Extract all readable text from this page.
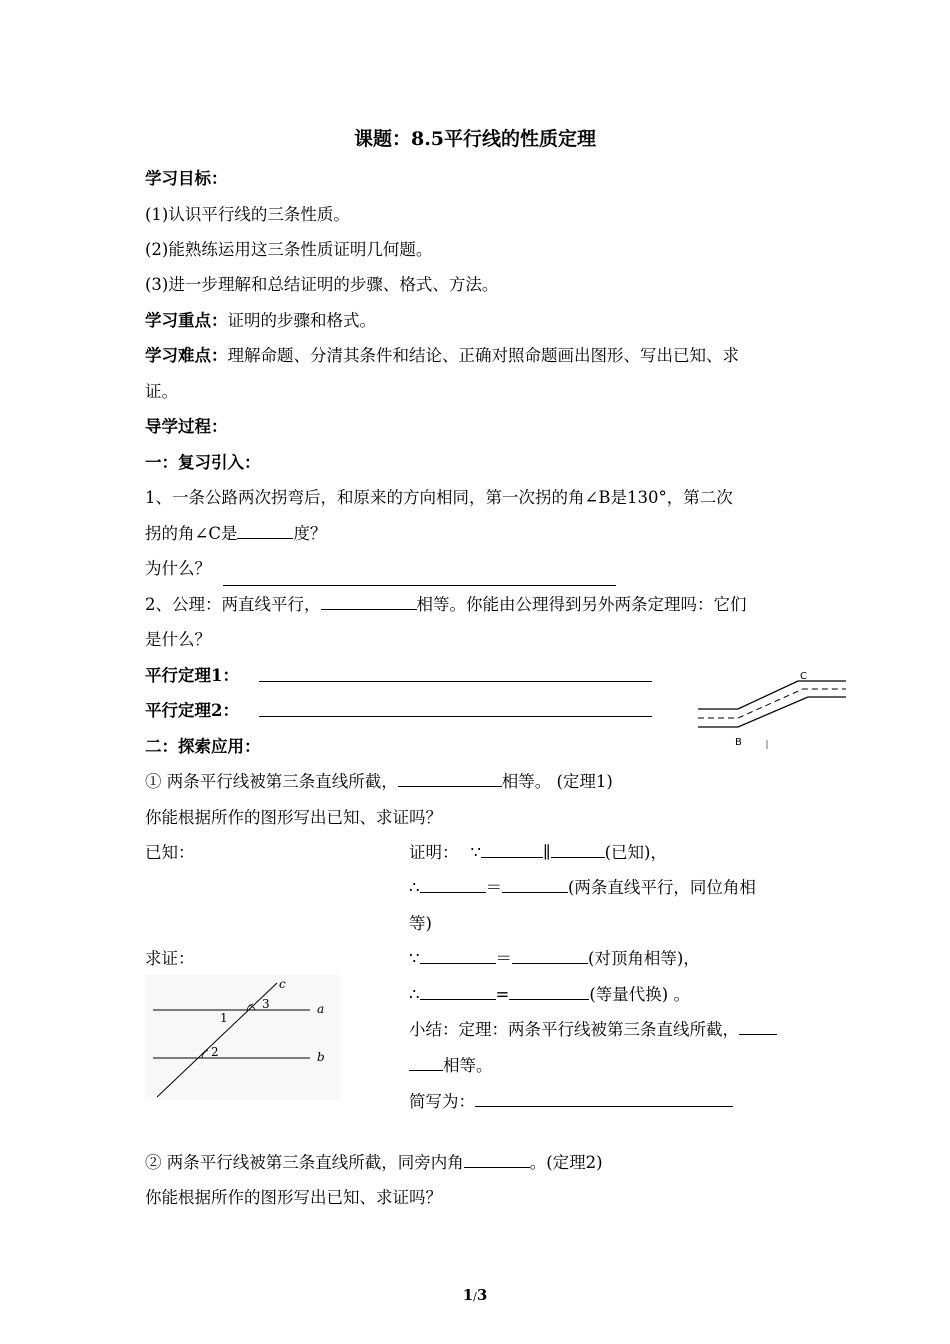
课题：8.5平行线的性质定理
学习目标：
(1)认识平行线的三条性质。
(2)能熟练运用这三条性质证明几何题。
(3)进一步理解和总结证明的步骤、格式、方法。
学习重点：证明的步骤和格式。
学习难点：理解命题、分清其条件和结论、正确对照命题画出图形、写出已知、求
证。
导学过程：
一：复习引入：
1、一条公路两次拐弯后，和原来的方向相同，第一次拐的角∠B是130°，第二次
拐的角∠C是	度？
为什么？
2、公理：两直线平行，	相等。你能由公理得到另外两条定理吗：它们
是什么？
平行定理1：
平行定理2：
C
B
二：探索应用：
① 两条平行线被第三条直线所截，	相等。 (定理1)
你能根据所作的图形写出已知、求证吗？
已知：
求证：
证明： ∵	∥	(已知)，
∴	＝	(两条直线平行，同位角相
等)
∵	＝	(对顶角相等)，
∴	=	(等量代换) 。
小结：定理：两条平行线被第三条直线所截，
相等。
简写为：
c
a
b
1
2
3
② 两条平行线被第三条直线所截，同旁内角	。(定理2)
你能根据所作的图形写出已知、求证吗？
1/3
